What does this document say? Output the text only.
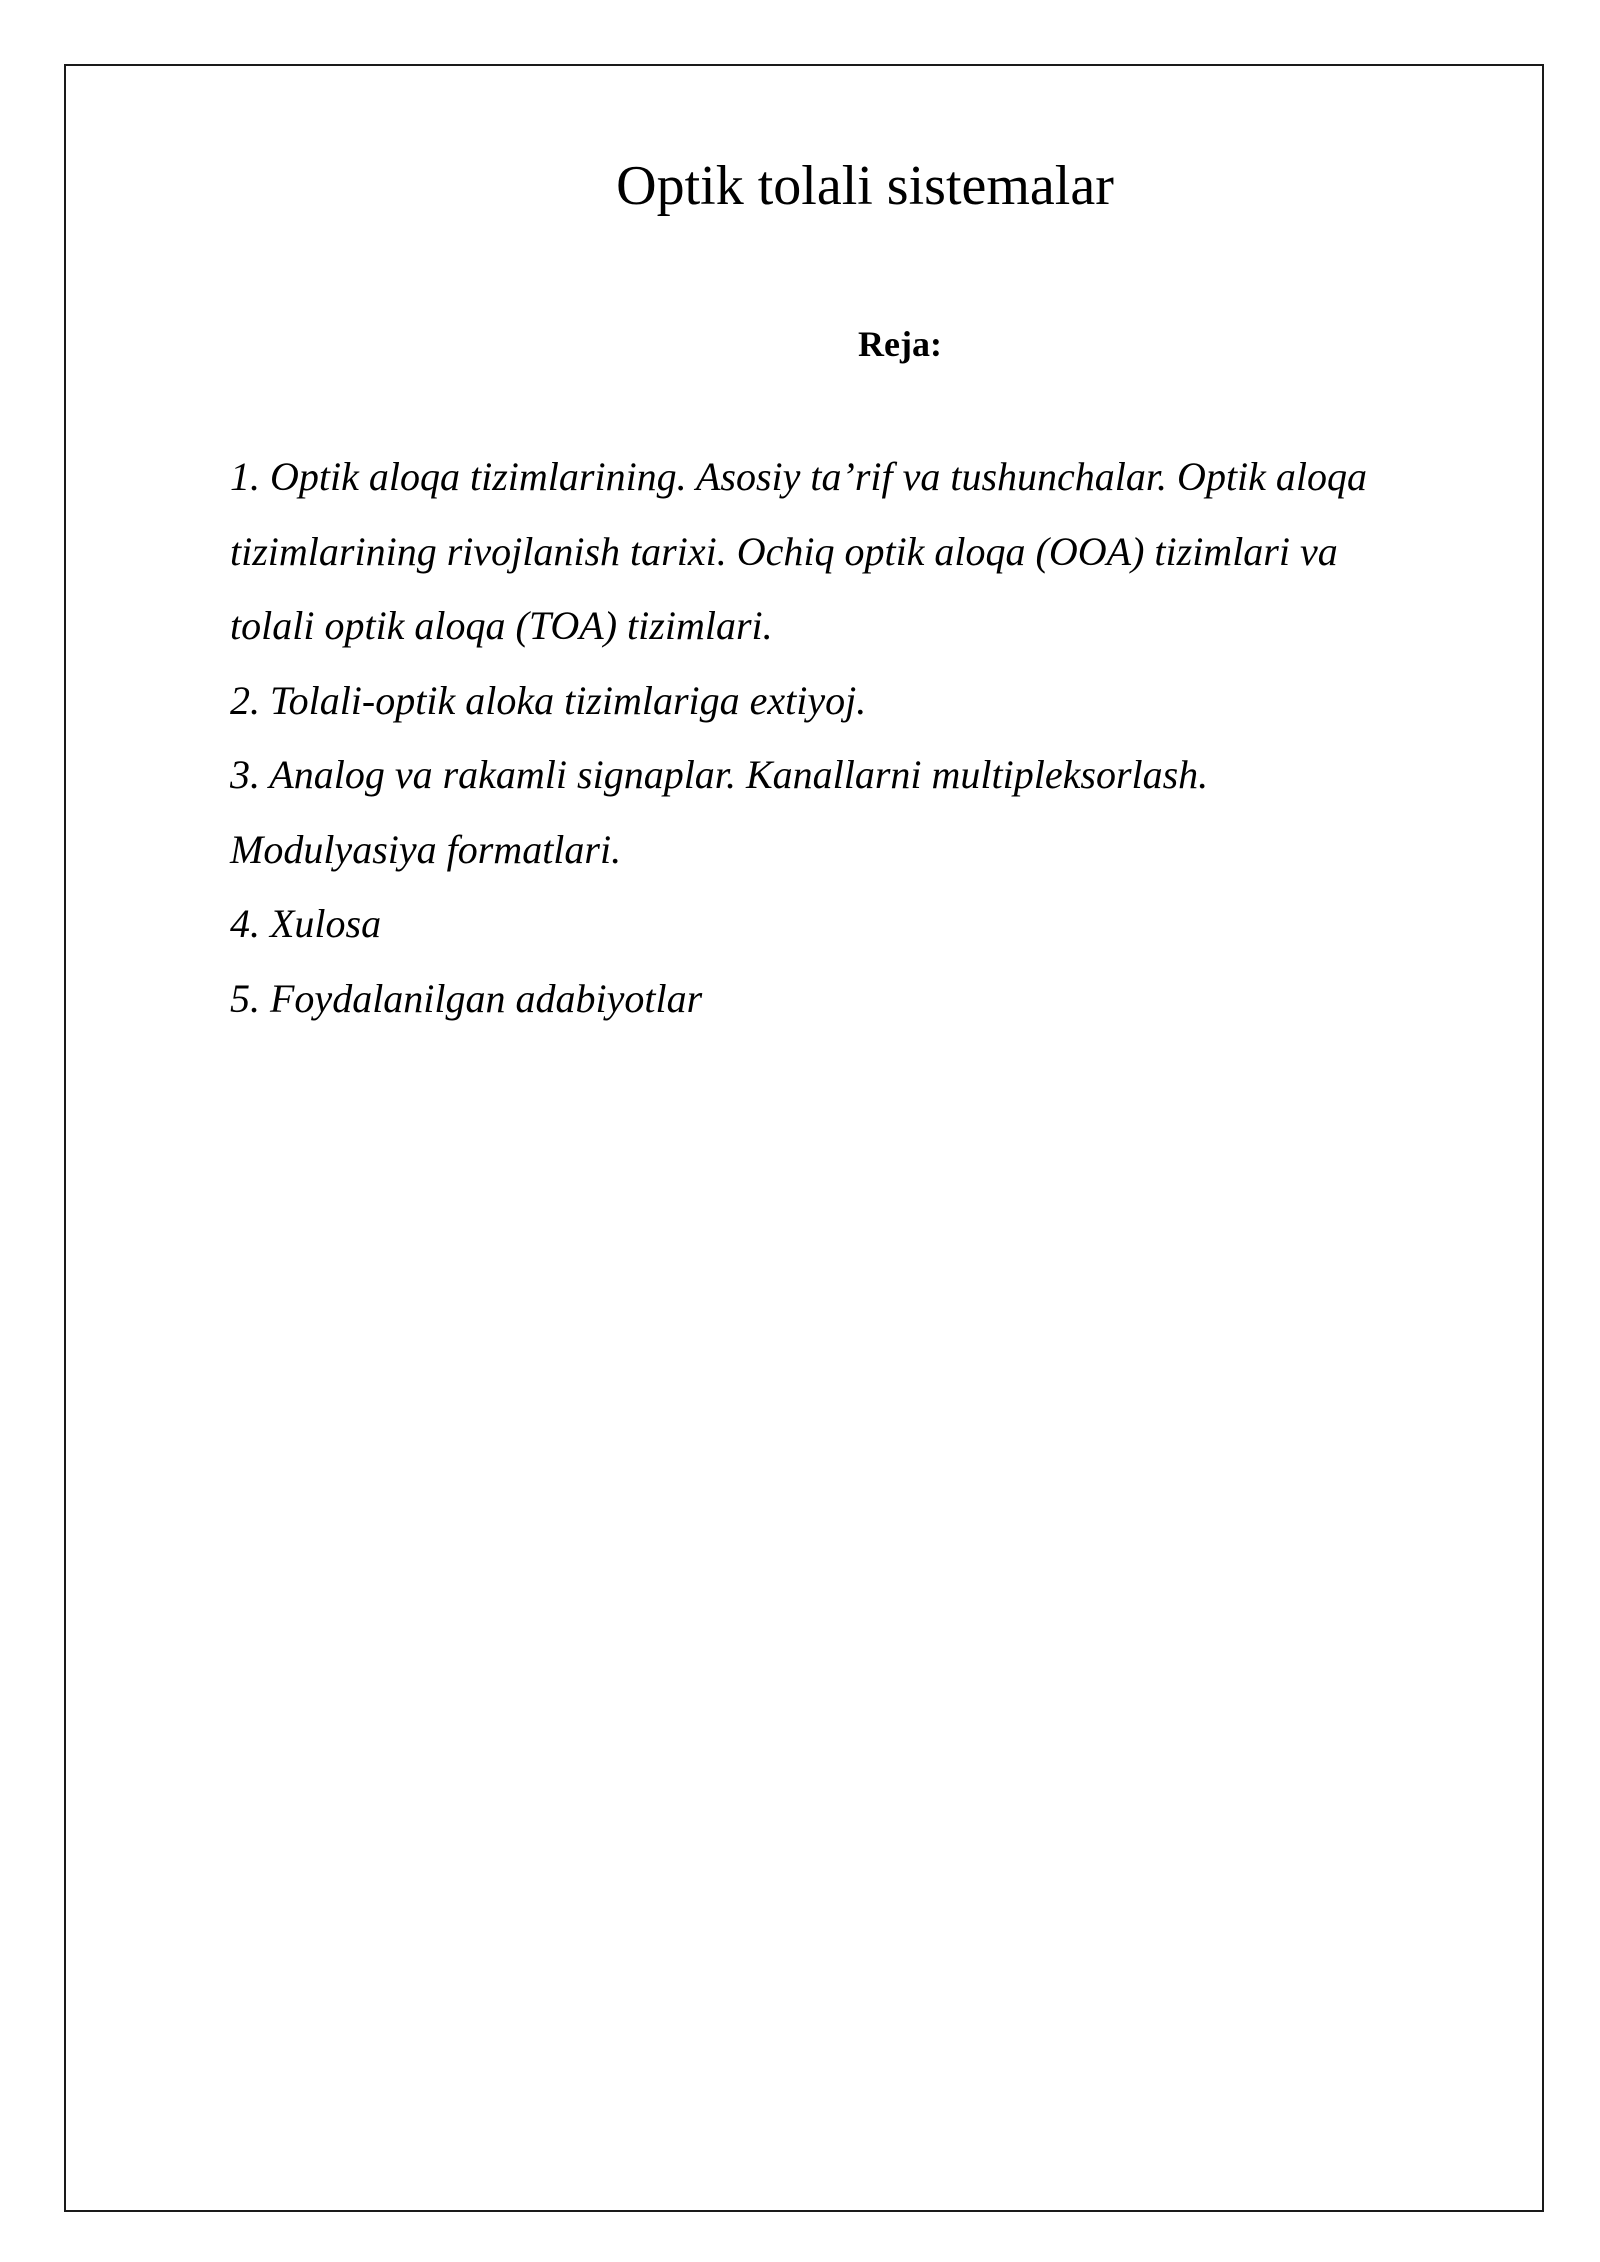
Optik tolali sistemalar
Reja:
1. Optik aloqa tizimlarining. Asosiy ta’rif va tushunchalar. Optik aloqa
tizimlarining rivojlanish tarixi. Ochiq optik aloqa (OOA) tizimlari va
tolali optik aloqa (TOA) tizimlari.
2. Tolali-optik aloka tizimlariga extiyoj.
3. Analog va rakamli signaplar. Kanallarni multipleksorlash.
Modulyasiya formatlari.
4. Xulosa
5. Foydalanilgan adabiyotlar
